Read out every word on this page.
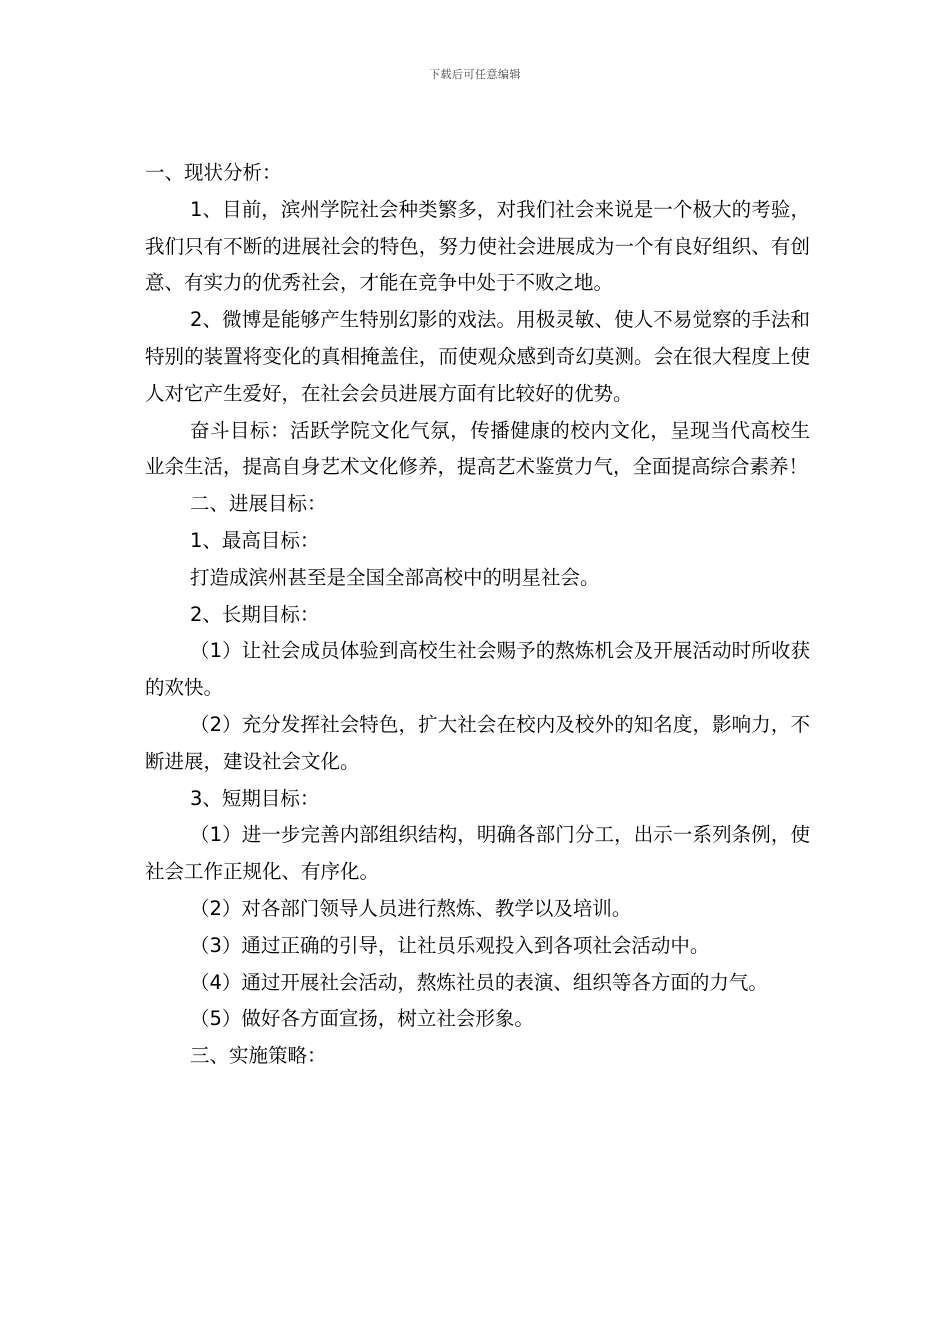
下载后可任意编辑

一、现状分析：

1、目前，滨州学院社会种类繁多，对我们社会来说是一个极大的考验，我们只有不断的进展社会的特色，努力使社会进展成为一个有良好组织、有创意、有实力的优秀社会，才能在竞争中处于不败之地。

2、微博是能够产生特别幻影的戏法。用极灵敏、使人不易觉察的手法和特别的装置将变化的真相掩盖住，而使观众感到奇幻莫测。会在很大程度上使人对它产生爱好，在社会会员进展方面有比较好的优势。

奋斗目标：活跃学院文化气氛，传播健康的校内文化，呈现当代高校生业余生活，提高自身艺术文化修养，提高艺术鉴赏力气，全面提高综合素养！

二、进展目标：

1、最高目标：

打造成滨州甚至是全国全部高校中的明星社会。

2、长期目标：

（1）让社会成员体验到高校生社会赐予的熬炼机会及开展活动时所收获的欢快。

（2）充分发挥社会特色，扩大社会在校内及校外的知名度，影响力，不断进展，建设社会文化。

3、短期目标：

（1）进一步完善内部组织结构，明确各部门分工，出示一系列条例，使社会工作正规化、有序化。

（2）对各部门领导人员进行熬炼、教学以及培训。

（3）通过正确的引导，让社员乐观投入到各项社会活动中。

（4）通过开展社会活动，熬炼社员的表演、组织等各方面的力气。

（5）做好各方面宣扬，树立社会形象。

三、实施策略：
